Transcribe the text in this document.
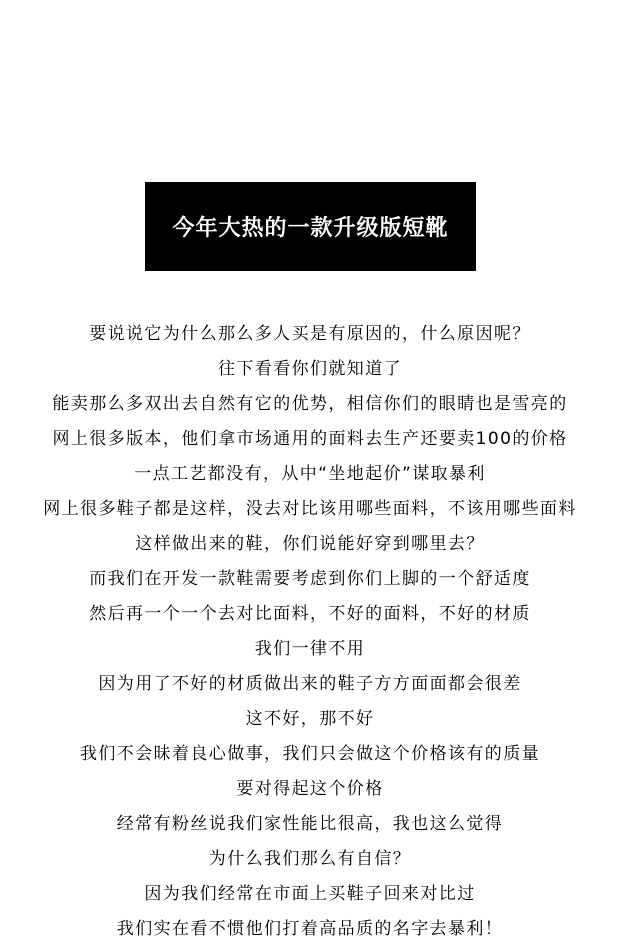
今年大热的一款升级版短靴
要说说它为什么那么多人买是有原因的，什么原因呢？
往下看看你们就知道了
能卖那么多双出去自然有它的优势，相信你们的眼睛也是雪亮的
网上很多版本，他们拿市场通用的面料去生产还要卖100的价格
一点工艺都没有，从中“坐地起价”谋取暴利
网上很多鞋子都是这样，没去对比该用哪些面料，不该用哪些面料
这样做出来的鞋，你们说能好穿到哪里去？
而我们在开发一款鞋需要考虑到你们上脚的一个舒适度
然后再一个一个去对比面料，不好的面料，不好的材质
我们一律不用
因为用了不好的材质做出来的鞋子方方面面都会很差
这不好，那不好
我们不会昧着良心做事，我们只会做这个价格该有的质量
要对得起这个价格
经常有粉丝说我们家性能比很高，我也这么觉得
为什么我们那么有自信？
因为我们经常在市面上买鞋子回来对比过
我们实在看不惯他们打着高品质的名字去暴利！
